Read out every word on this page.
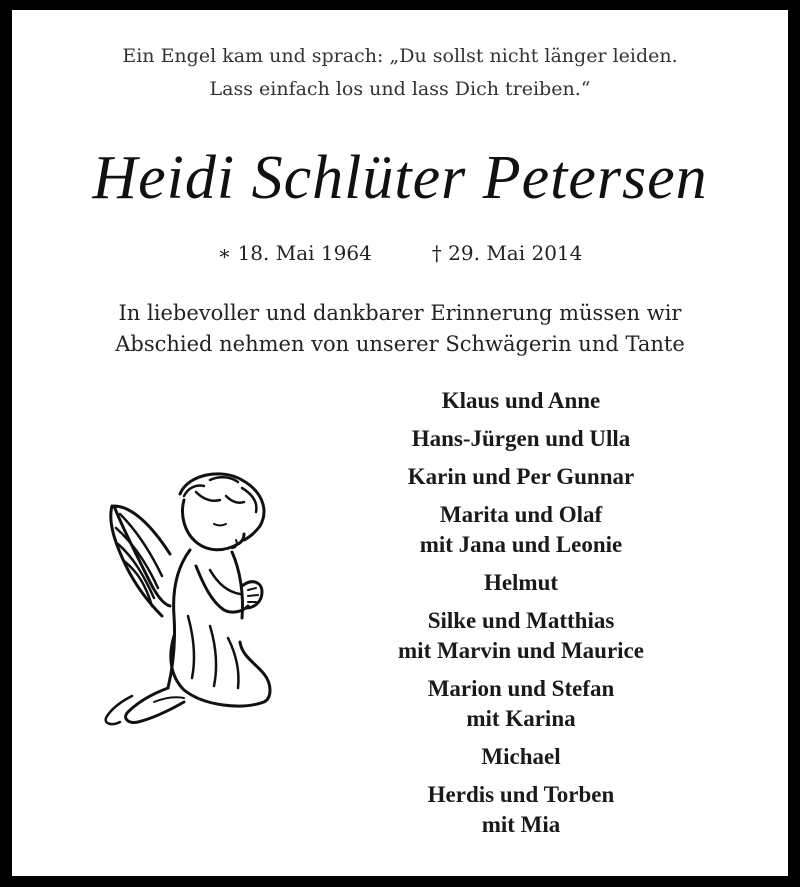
Ein Engel kam und sprach: „Du sollst nicht länger leiden.
Lass einfach los und lass Dich treiben.“
Heidi Schlüter Petersen
∗ 18. Mai 1964	† 29. Mai 2014
In liebevoller und dankbarer Erinnerung müssen wir
Abschied nehmen von unserer Schwägerin und Tante
Klaus und Anne
Hans-Jürgen und Ulla
Karin und Per Gunnar
Marita und Olaf
mit Jana und Leonie
Helmut
Silke und Matthias
mit Marvin und Maurice
Marion und Stefan
mit Karina
Michael
Herdis und Torben
mit Mia
